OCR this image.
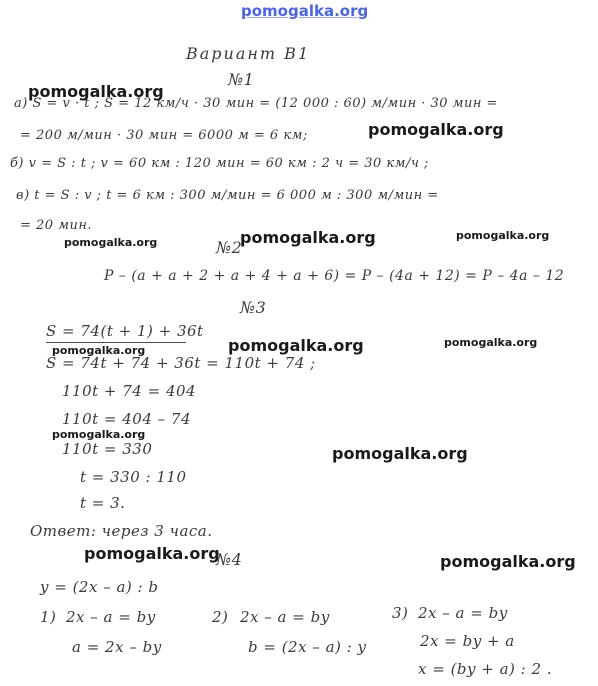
pomogalka.org
pomogalka.org
pomogalka.org
pomogalka.org	pomogalka.org	pomogalka.org
pomogalka.org	pomogalka.org	pomogalka.org
pomogalka.org
pomogalka.org
pomogalka.org	pomogalka.org
Вариант В1
№1
а) S = v · t ; S = 12 км/ч · 30 мин = (12 000 : 60) м/мин · 30 мин =
= 200 м/мин · 30 мин = 6000 м = 6 км;
б) v = S : t ; v = 60 км : 120 мин = 60 км : 2 ч = 30 км/ч ;
в) t = S : v ; t = 6 км : 300 м/мин = 6 000 м : 300 м/мин =
= 20 мин.
№2
P – (a + a + 2 + a + 4 + a + 6) = P – (4a + 12) = P – 4a – 12
№3
S = 74(t + 1) + 36t
S = 74t + 74 + 36t = 110t + 74 ;
110t + 74 = 404
110t = 404 – 74
110t = 330
t = 330 : 110
t = 3.
Ответ: через 3 часа.
№4
y = (2x – a) : b
1) 2x – a = by
a = 2x – by
2) 2x – a = by
b = (2x – a) : y
3) 2x – a = by
2x = by + a
x = (by + a) : 2 .
